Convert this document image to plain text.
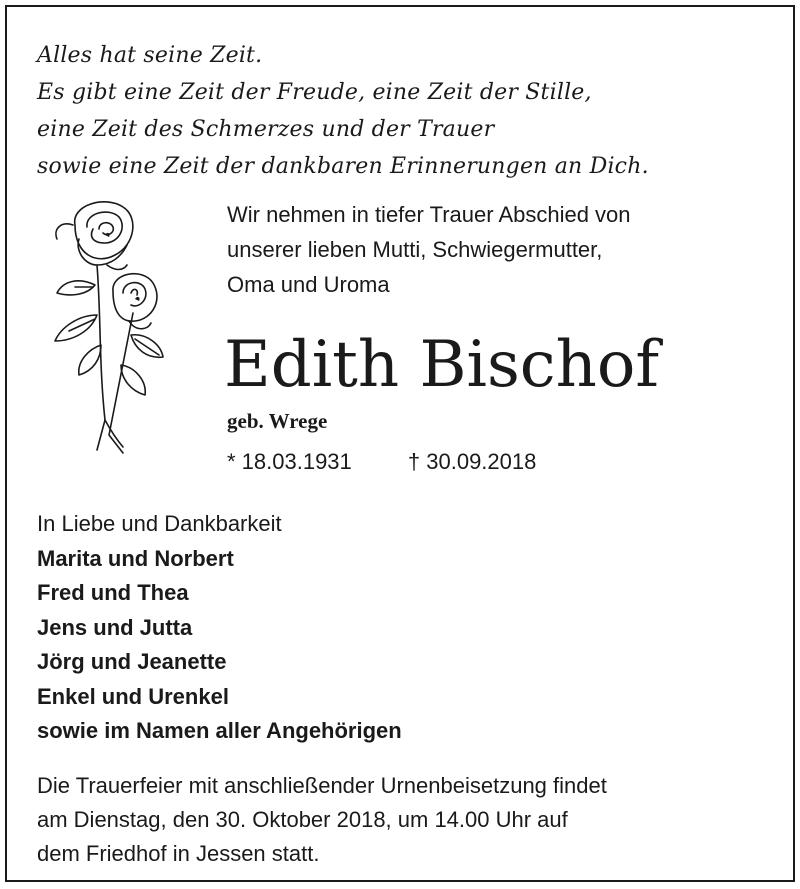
Alles hat seine Zeit.
Es gibt eine Zeit der Freude, eine Zeit der Stille,
eine Zeit des Schmerzes und der Trauer
sowie eine Zeit der dankbaren Erinnerungen an Dich.
Wir nehmen in tiefer Trauer Abschied von
unserer lieben Mutti, Schwiegermutter,
Oma und Uroma
Edith Bischof
geb. Wrege
* 18.03.1931	† 30.09.2018
In Liebe und Dankbarkeit
Marita und Norbert
Fred und Thea
Jens und Jutta
Jörg und Jeanette
Enkel und Urenkel
sowie im Namen aller Angehörigen
Die Trauerfeier mit anschließender Urnenbeisetzung findet
am Dienstag, den 30. Oktober 2018, um 14.00 Uhr auf
dem Friedhof in Jessen statt.
